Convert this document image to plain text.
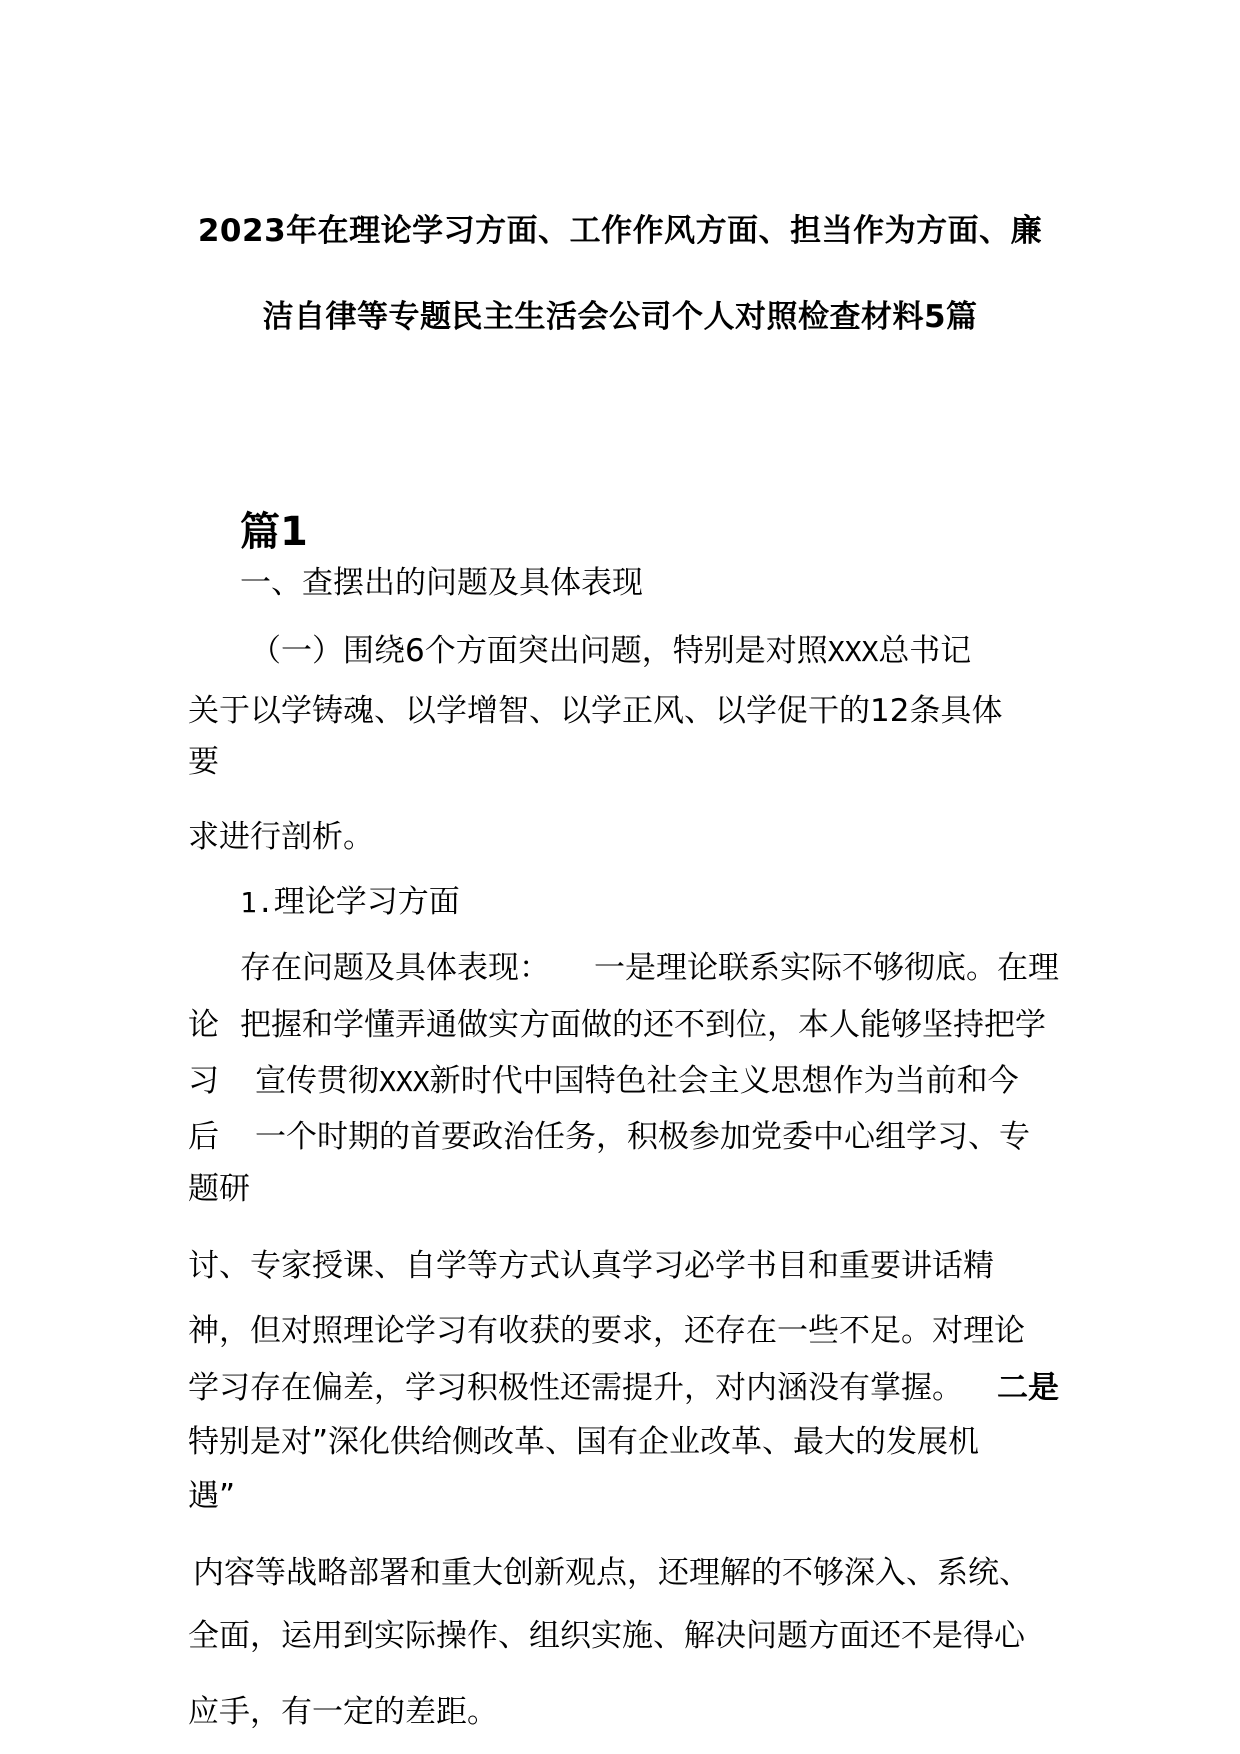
2023年在理论学习方面、工作作风方面、担当作为方面、廉
洁自律等专题民主生活会公司个人对照检查材料5篇
篇1
一、查摆出的问题及具体表现
（一）围绕6个方面突出问题，特别是对照XXX总书记
关于以学铸魂、以学增智、以学正风、以学促干的12条具体
要
求进行剖析。
1.理论学习方面
存在问题及具体表现： 一是理论联系实际不够彻底。在理
论 把握和学懂弄通做实方面做的还不到位，本人能够坚持把学
习 宣传贯彻XXX新时代中国特色社会主义思想作为当前和今
后 一个时期的首要政治任务，积极参加党委中心组学习、专
题研
讨、专家授课、自学等方式认真学习必学书目和重要讲话精
神，但对照理论学习有收获的要求，还存在一些不足。对理论
学习存在偏差，学习积极性还需提升，对内涵没有掌握。 二是
特别是对”深化供给侧改革、国有企业改革、最大的发展机
遇”
内容等战略部署和重大创新观点，还理解的不够深入、系统、
全面，运用到实际操作、组织实施、解决问题方面还不是得心
应手，有一定的差距。
